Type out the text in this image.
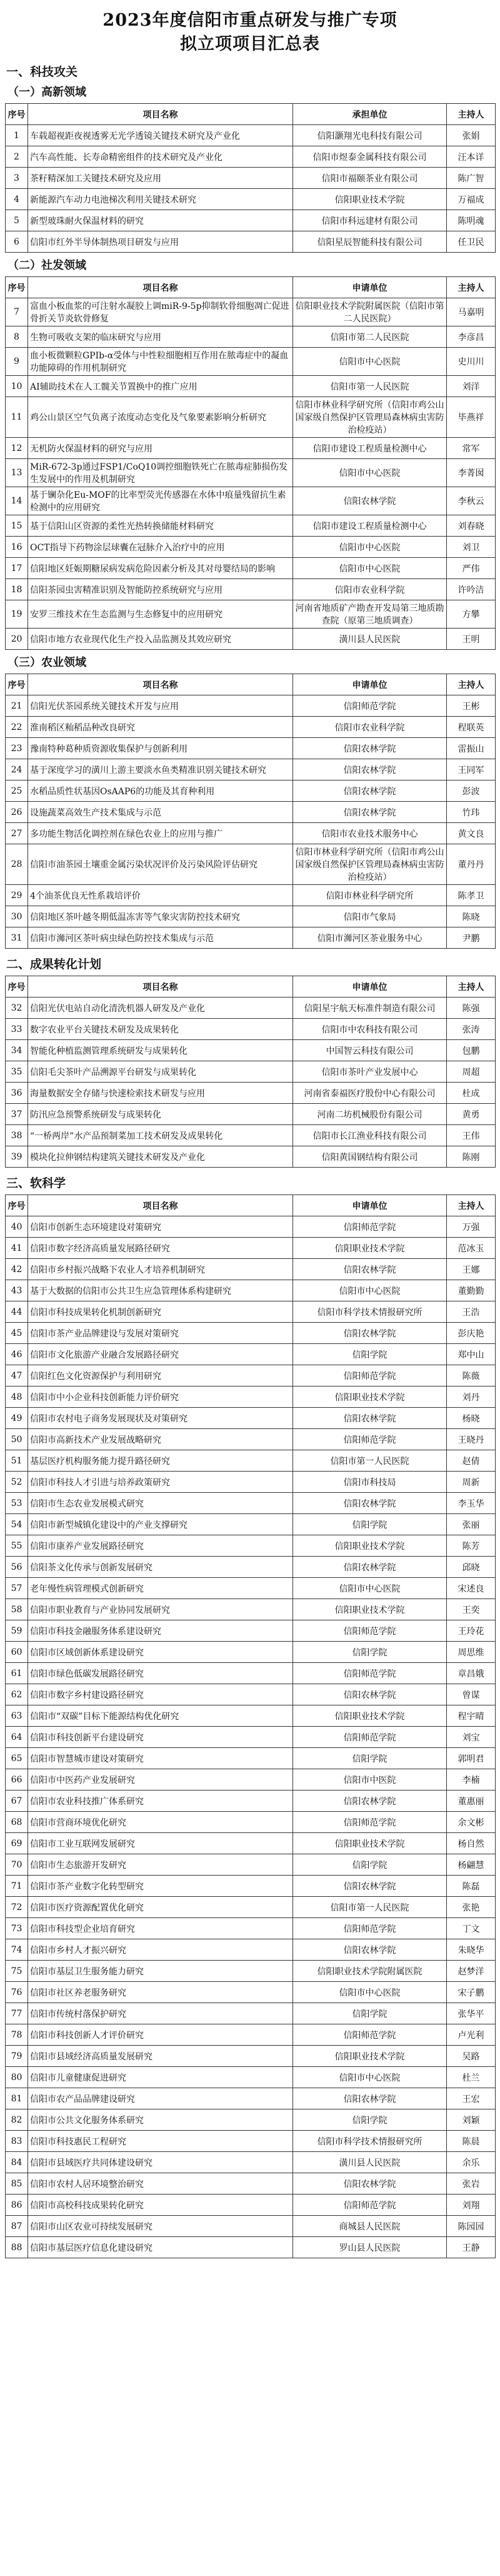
2023年度信阳市重点研发与推广专项
拟立项项目汇总表
一、科技攻关
（一）高新领域
序号	项目名称	承担单位	主持人
1	车载超视距夜视透雾无光学透镜关键技术研究及产业化	信阳灏翔光电科技有限公司	张娟
2	汽车高性能、长寿命精密组件的技术研究及产业化	信阳市煜泰金属科技有限公司	汪本详
3	茶籽精深加工关键技术研究及应用	信阳市福颐茶业有限公司	陈广智
4	新能源汽车动力电池梯次利用关键技术研究	信阳职业技术学院	万福成
5	新型玻珠耐火保温材料的研究	信阳市科远建材有限公司	陈明魂
6	信阳市红外半导体制热项目研发与应用	信阳星辰智能科技有限公司	任卫民
（二）社发领域
序号	项目名称	申请单位	主持人
7	富血小板血浆的可注射水凝胶上调miR-9-5p抑制软骨细胞凋亡促进骨折关节炎软骨修复	信阳职业技术学院附属医院（信阳市第二人民医院）	马嘉明
8	生物可吸收支架的临床研究与应用	信阳市第二人民医院	李彦昌
9	血小板微颗粒GPIb-α受体与中性粒细胞相互作用在脓毒症中的凝血功能障碍的作用机制研究	信阳市中心医院	史川川
10	AI辅助技术在人工髋关节置换中的推广应用	信阳市第一人民医院	刘洋
11	鸡公山景区空气负离子浓度动态变化及气象要素影响分析研究	信阳市林业科学研究所（信阳市鸡公山国家级自然保护区管理局森林病虫害防治检疫站）	毕燕祥
12	无机防火保温材料的研究与应用	信阳市建设工程质量检测中心	常军
13	MiR-672-3p通过FSP1/CoQ10调控细胞铁死亡在脓毒症肺损伤发生发展中的作用及机制研究	信阳市中心医院	李菁囡
14	基于镧杂化Eu-MOF的比率型荧光传感器在水体中痕量残留抗生素检测中的应用研究	信阳农林学院	李秋云
15	基于信阳山区资源的柔性光热转换储能材料研究	信阳市建设工程质量检测中心	刘春晓
16	OCT指导下药物涂层球囊在冠脉介入治疗中的应用	信阳市中心医院	刘卫
17	信阳地区妊娠期糖尿病发病危险因素分析及其对母婴结局的影响	信阳市中心医院	严伟
18	信阳茶园虫害精准识别及智能防控系统研究与应用	信阳市农业科学院	许吟洁
19	安罗三维技术在生态监测与生态修复中的应用研究	河南省地质矿产勘查开发局第三地质勘查院（原第三地质调查）	方攀
20	信阳市地方农业现代化生产投入品监测及其效应研究	潢川县人民医院	王明
（三）农业领域
序号	项目名称	申请单位	主持人
21	信阳光伏茶园系统关键技术开发与应用	信阳师范学院	王彬
22	淮南稻区籼稻品种改良研究	信阳市农业科学院	程联英
23	豫南特种葛种质资源收集保护与创新利用	信阳农林学院	雷振山
24	基于深度学习的潢川上游主要淡水鱼类精准识别关键技术研究	信阳农林学院	王同军
25	水稻品质性状基因OsAAP6的功能及其育种利用	信阳农林学院	彭波
26	设施蔬菜高效生产技术集成与示范	信阳农林学院	竹玮
27	多功能生物活化调控剂在绿色农业上的应用与推广	信阳市农业技术服务中心	黄文良
28	信阳市油茶园土壤重金属污染状况评价及污染风险评估研究	信阳市林业科学研究所（信阳市鸡公山国家级自然保护区管理局森林病虫害防治检疫站）	董丹丹
29	4个油茶优良无性系栽培评价	信阳市林业科学研究所	陈孝卫
30	信阳地区茶叶越冬期低温冻害等气象灾害防控技术研究	信阳市气象局	陈晓
31	信阳市浉河区茶叶病虫绿色防控技术集成与示范	信阳市浉河区茶业服务中心	尹鹏
二、成果转化计划
序号	项目名称	申请单位	主持人
32	信阳光伏电站自动化清洗机器人研发及产业化	信阳星宇航天标准件制造有限公司	陈强
33	数字农业平台关键技术研发及成果转化	信阳市中农科技有限公司	张涛
34	智能化种植监测管理系统研发与成果转化	中国智云科技有限公司	包鹏
35	信阳毛尖茶叶产品溯源平台研发与成果转化	信阳市茶叶产业发展中心	周超
36	海量数据安全存储与快速检索技术研发与应用	河南省泰福医疗股份中心有限公司	杜成
37	防汛应急预警系统研发与成果转化	河南二坊机械股份有限公司	黄勇
38	“一桥两岸”水产品预制菜加工技术研发及成果转化	信阳市长江渔业科技有限公司	王伟
39	模块化拉伸钢结构建筑关键技术研发及产业化	信阳黄国钢结构有限公司	陈刚
三、软科学
序号	项目名称	申请单位	主持人
40	信阳市创新生态环境建设对策研究	信阳师范学院	万强
41	信阳市数字经济高质量发展路径研究	信阳职业技术学院	范冰玉
42	信阳市乡村振兴战略下农业人才培养机制研究	信阳农林学院	王娜
43	基于大数据的信阳市公共卫生应急管理体系构建研究	信阳市中心医院	董勤勤
44	信阳市科技成果转化机制创新研究	信阳市科学技术情报研究所	王浩
45	信阳市茶产业品牌建设与发展对策研究	信阳农林学院	彭庆艳
46	信阳市文化旅游产业融合发展路径研究	信阳学院	郑中山
47	信阳红色文化资源保护与利用研究	信阳师范学院	陈薇
48	信阳市中小企业科技创新能力评价研究	信阳职业技术学院	刘丹
49	信阳市农村电子商务发展现状及对策研究	信阳农林学院	杨晓
50	信阳市高新技术产业发展战略研究	信阳师范学院	王晓丹
51	基层医疗机构服务能力提升路径研究	信阳市第一人民医院	赵倩
52	信阳市科技人才引进与培养政策研究	信阳市科技局	周新
53	信阳市生态农业发展模式研究	信阳农林学院	李玉华
54	信阳市新型城镇化建设中的产业支撑研究	信阳学院	张丽
55	信阳市康养产业发展路径研究	信阳职业技术学院	陈芳
56	信阳茶文化传承与创新发展研究	信阳农林学院	邱晓
57	老年慢性病管理模式创新研究	信阳市中心医院	宋述良
58	信阳市职业教育与产业协同发展研究	信阳职业技术学院	王奕
59	信阳市科技金融服务体系建设研究	信阳师范学院	王玲花
60	信阳市区域创新体系建设研究	信阳学院	周思维
61	信阳市绿色低碳发展路径研究	信阳师范学院	章昌娥
62	信阳市数字乡村建设路径研究	信阳农林学院	曾谋
63	信阳市“双碳”目标下能源结构优化研究	信阳职业技术学院	程宇晴
64	信阳市科技创新平台建设研究	信阳师范学院	刘宝
65	信阳市智慧城市建设对策研究	信阳学院	郭明君
66	信阳市中医药产业发展研究	信阳市中医院	李楠
67	信阳市农业科技推广体系研究	信阳农林学院	董惠丽
68	信阳市营商环境优化研究	信阳师范学院	余文彬
69	信阳市工业互联网发展研究	信阳职业技术学院	杨自然
70	信阳市生态旅游开发研究	信阳学院	杨翩慧
71	信阳市茶产业数字化转型研究	信阳农林学院	陈磊
72	信阳市医疗资源配置优化研究	信阳市第一人民医院	张艳
73	信阳市科技型企业培育研究	信阳师范学院	丁文
74	信阳市乡村人才振兴研究	信阳农林学院	朱晓华
75	信阳市基层卫生服务能力研究	信阳职业技术学院附属医院	赵梦洋
76	信阳市社区养老服务研究	信阳市中心医院	宋子鹏
77	信阳市传统村落保护研究	信阳学院	张华平
78	信阳市科技创新人才评价研究	信阳师范学院	卢光利
79	信阳市县域经济高质量发展研究	信阳职业技术学院	吴路
80	信阳市儿童健康促进研究	信阳市中心医院	杜兰
81	信阳市农产品品牌建设研究	信阳农林学院	王宏
82	信阳市公共文化服务体系研究	信阳学院	刘颖
83	信阳市科技惠民工程研究	信阳市科学技术情报研究所	陈晨
84	信阳市县域医疗共同体建设研究	潢川县人民医院	余乐
85	信阳市农村人居环境整治研究	信阳农林学院	张岩
86	信阳市高校科技成果转化研究	信阳师范学院	刘翔
87	信阳市山区农业可持续发展研究	商城县人民医院	陈园园
88	信阳市基层医疗信息化建设研究	罗山县人民医院	王静
